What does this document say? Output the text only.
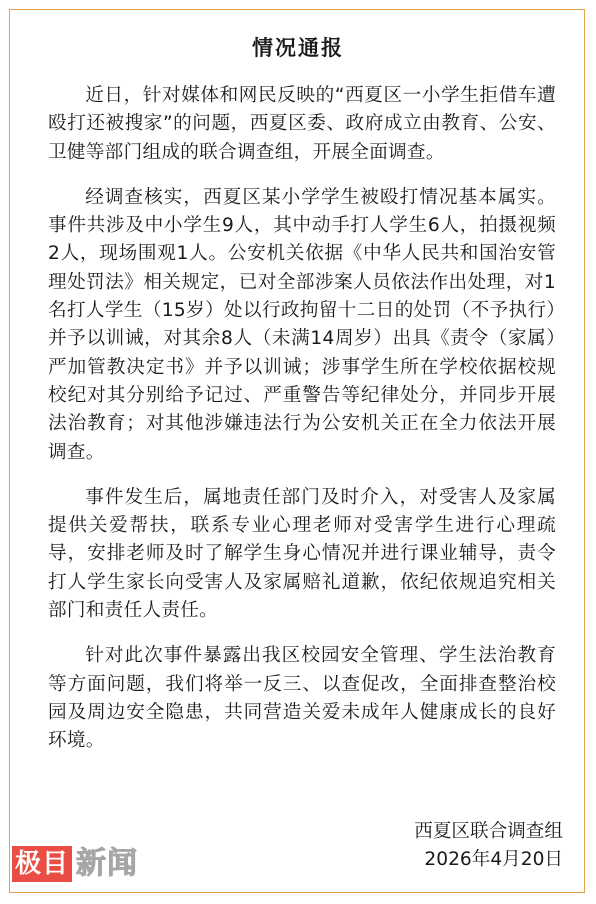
情况通报

近日，针对媒体和网民反映的“西夏区一小学生拒借车遭殴打还被搜家”的问题，西夏区委、政府成立由教育、公安、卫健等部门组成的联合调查组，开展全面调查。

经调查核实，西夏区某小学学生被殴打情况基本属实。事件共涉及中小学生9人，其中动手打人学生6人，拍摄视频2人，现场围观1人。公安机关依据《中华人民共和国治安管理处罚法》相关规定，已对全部涉案人员依法作出处理，对1名打人学生（15岁）处以行政拘留十二日的处罚（不予执行）并予以训诫，对其余8人（未满14周岁）出具《责令（家属）严加管教决定书》并予以训诫；涉事学生所在学校依据校规校纪对其分别给予记过、严重警告等纪律处分，并同步开展法治教育；对其他涉嫌违法行为公安机关正在全力依法开展调查。

事件发生后，属地责任部门及时介入，对受害人及家属提供关爱帮扶，联系专业心理老师对受害学生进行心理疏导，安排老师及时了解学生身心情况并进行课业辅导，责令打人学生家长向受害人及家属赔礼道歉，依纪依规追究相关部门和责任人责任。

针对此次事件暴露出我区校园安全管理、学生法治教育等方面问题，我们将举一反三、以查促改，全面排查整治校园及周边安全隐患，共同营造关爱未成年人健康成长的良好环境。

西夏区联合调查组
2026年4月20日
极目 新闻
